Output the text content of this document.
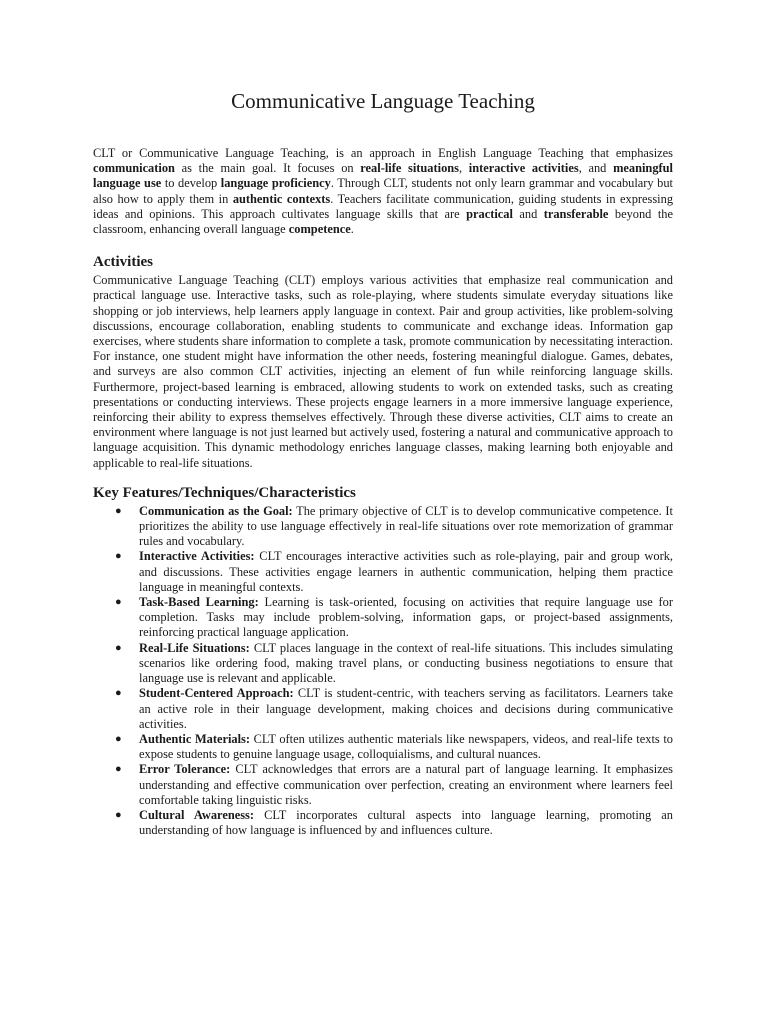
Communicative Language Teaching

CLT or Communicative Language Teaching, is an approach in English Language Teaching that emphasizes communication as the main goal. It focuses on real-life situations, interactive activities, and meaningful language use to develop language proficiency. Through CLT, students not only learn grammar and vocabulary but also how to apply them in authentic contexts. Teachers facilitate communication, guiding students in expressing ideas and opinions. This approach cultivates language skills that are practical and transferable beyond the classroom, enhancing overall language competence.

Activities

Communicative Language Teaching (CLT) employs various activities that emphasize real communication and practical language use. Interactive tasks, such as role-playing, where students simulate everyday situations like shopping or job interviews, help learners apply language in context. Pair and group activities, like problem-solving discussions, encourage collaboration, enabling students to communicate and exchange ideas. Information gap exercises, where students share information to complete a task, promote communication by necessitating interaction. For instance, one student might have information the other needs, fostering meaningful dialogue. Games, debates, and surveys are also common CLT activities, injecting an element of fun while reinforcing language skills. Furthermore, project-based learning is embraced, allowing students to work on extended tasks, such as creating presentations or conducting interviews. These projects engage learners in a more immersive language experience, reinforcing their ability to express themselves effectively. Through these diverse activities, CLT aims to create an environment where language is not just learned but actively used, fostering a natural and communicative approach to language acquisition. This dynamic methodology enriches language classes, making learning both enjoyable and applicable to real-life situations.

Key Features/Techniques/Characteristics
● Communication as the Goal: The primary objective of CLT is to develop communicative competence. It prioritizes the ability to use language effectively in real-life situations over rote memorization of grammar rules and vocabulary.
● Interactive Activities: CLT encourages interactive activities such as role-playing, pair and group work, and discussions. These activities engage learners in authentic communication, helping them practice language in meaningful contexts.
● Task-Based Learning: Learning is task-oriented, focusing on activities that require language use for completion. Tasks may include problem-solving, information gaps, or project-based assignments, reinforcing practical language application.
● Real-Life Situations: CLT places language in the context of real-life situations. This includes simulating scenarios like ordering food, making travel plans, or conducting business negotiations to ensure that language use is relevant and applicable.
● Student-Centered Approach: CLT is student-centric, with teachers serving as facilitators. Learners take an active role in their language development, making choices and decisions during communicative activities.
● Authentic Materials: CLT often utilizes authentic materials like newspapers, videos, and real-life texts to expose students to genuine language usage, colloquialisms, and cultural nuances.
● Error Tolerance: CLT acknowledges that errors are a natural part of language learning. It emphasizes understanding and effective communication over perfection, creating an environment where learners feel comfortable taking linguistic risks.
● Cultural Awareness: CLT incorporates cultural aspects into language learning, promoting an understanding of how language is influenced by and influences culture.
